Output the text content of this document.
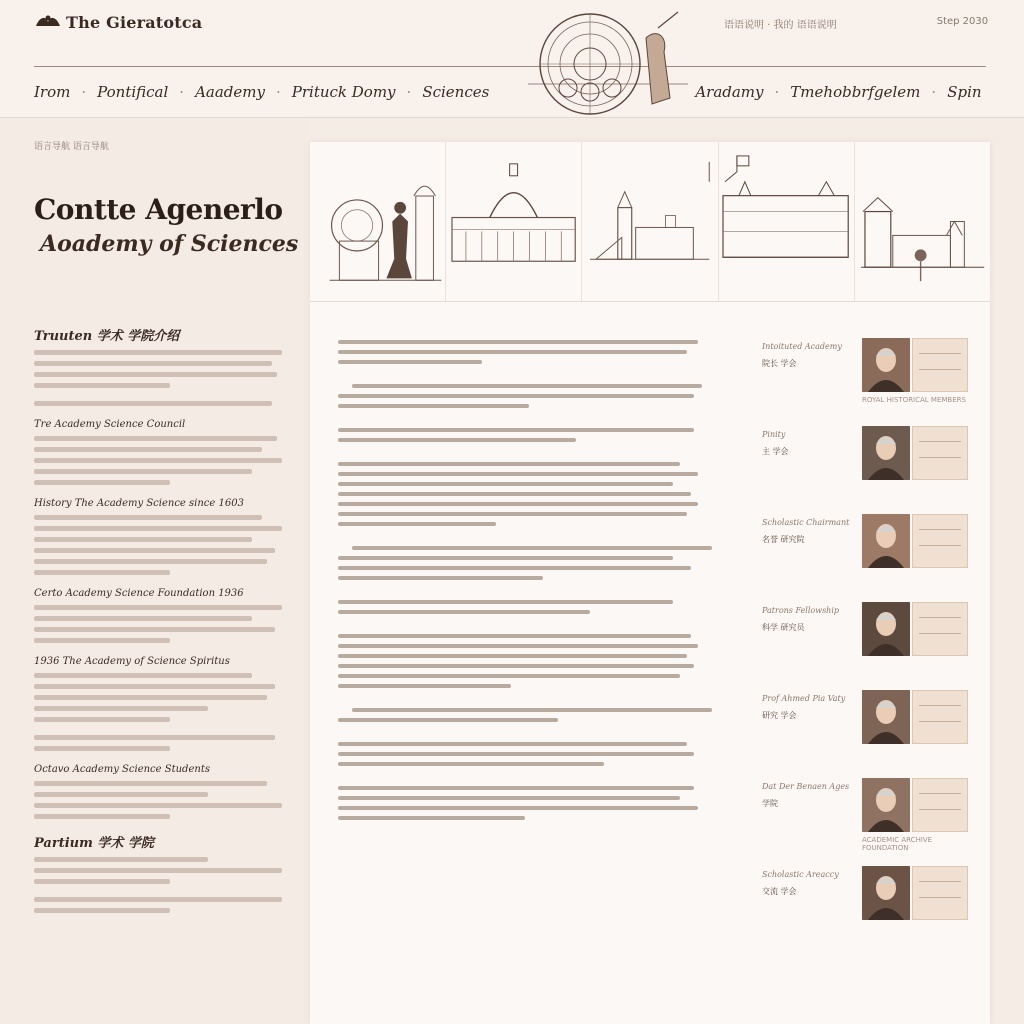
The Gieratotca	语语说明 · 我的 语语说明	Step 2030
Irom · Pontifical · Aaademy · Prituck Domy · Sciences	Aradamy · Tmehobbrfgelem · Spin
语言导航 语言导航
Contte Agenerlo
Aoademy of Sciences
Truuten 学术 学院介绍
Tre Academy Science Council
History The Academy Science since 1603
Certo Academy Science Foundation 1936
1936 The Academy of Science Spiritus
Octavo Academy Science Students
Partium 学术 学院
Intoituted Academy
院长 学会
ROYAL HISTORICAL MEMBERS
Pinity
主 学会
Scholastic Chairmant
名誉 研究院
Patrons Fellowship
科学 研究员
Prof Ahmed Pia Vaty
研究 学会
Dat Der Benaen Ages
学院
ACADEMIC ARCHIVE FOUNDATION
Scholastic Areaccy
交流 学会
